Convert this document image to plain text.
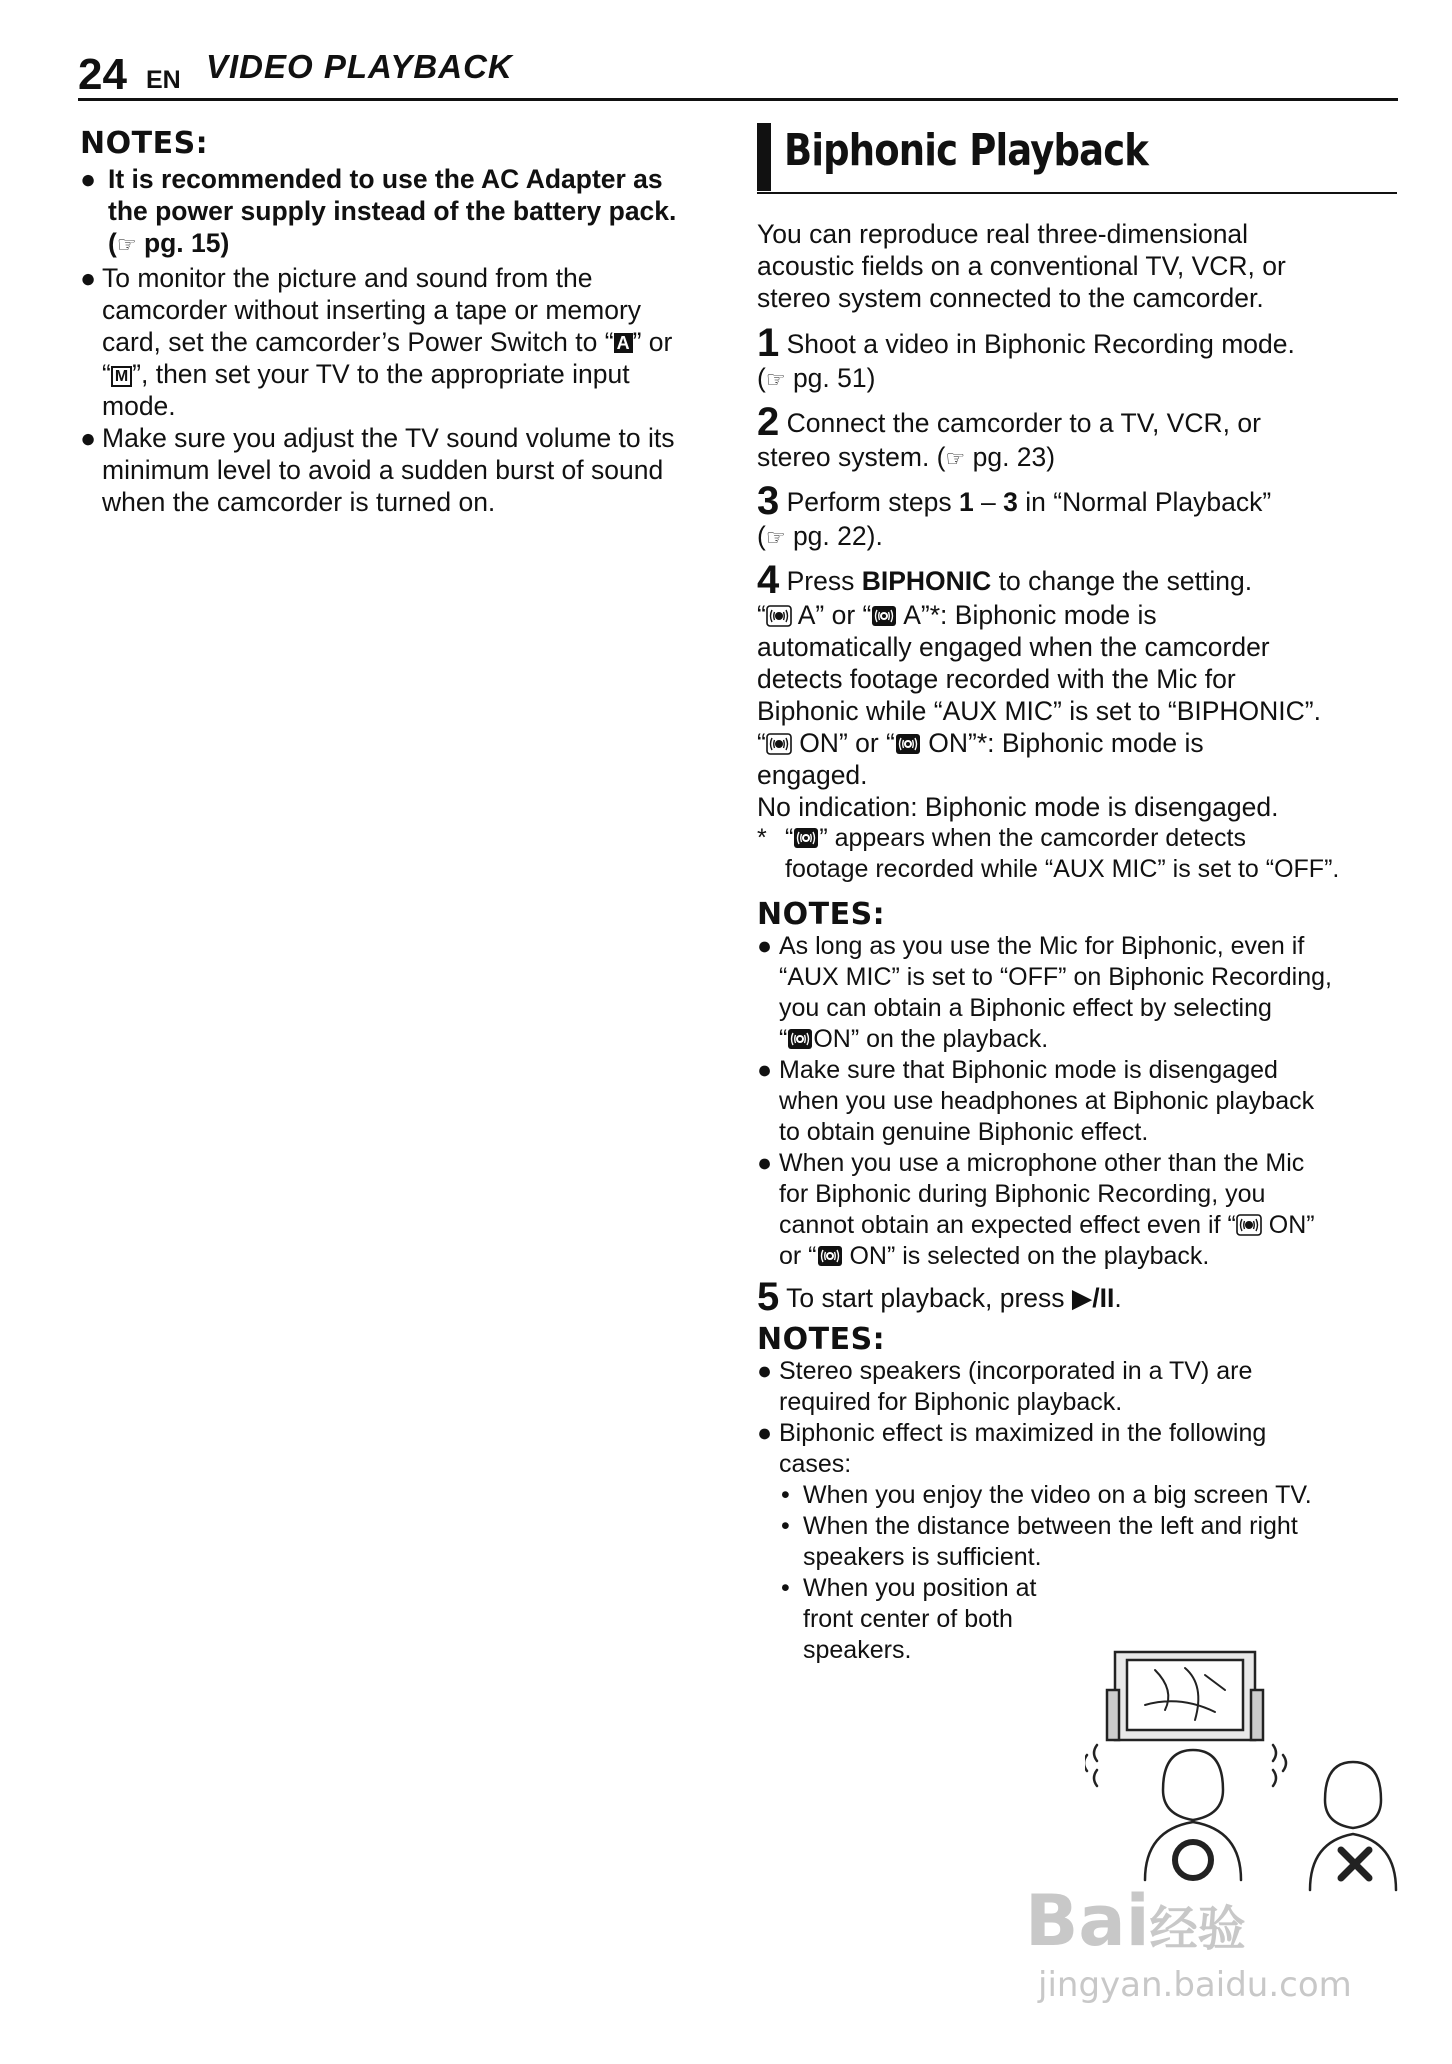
24 EN VIDEO PLAYBACK
NOTES:
● It is recommended to use the AC Adapter as
the power supply instead of the battery pack.
(☞ pg. 15)
● To monitor the picture and sound from the
camcorder without inserting a tape or memory
card, set the camcorder’s Power Switch to “ A ” or
“ M ”, then set your TV to the appropriate input
mode.
● Make sure you adjust the TV sound volume to its
minimum level to avoid a sudden burst of sound
when the camcorder is turned on.
Biphonic Playback
You can reproduce real three-dimensional
acoustic fields on a conventional TV, VCR, or
stereo system connected to the camcorder.
1 Shoot a video in Biphonic Recording mode.
(☞ pg. 51)
2 Connect the camcorder to a TV, VCR, or
stereo system. (☞ pg. 23)
3 Perform steps 1 – 3 in “Normal Playback”
(☞ pg. 22).
4 Press BIPHONIC to change the setting.
“ A” or “ A”*: Biphonic mode is
automatically engaged when the camcorder
detects footage recorded with the Mic for
Biphonic while “AUX MIC” is set to “BIPHONIC”.
“ ON” or “ ON”*: Biphonic mode is
engaged.
No indication: Biphonic mode is disengaged.
* “ ” appears when the camcorder detects
footage recorded while “AUX MIC” is set to “OFF”.
NOTES:
● As long as you use the Mic for Biphonic, even if
“AUX MIC” is set to “OFF” on Biphonic Recording,
you can obtain a Biphonic effect by selecting
“ ON” on the playback.
● Make sure that Biphonic mode is disengaged
when you use headphones at Biphonic playback
to obtain genuine Biphonic effect.
● When you use a microphone other than the Mic
for Biphonic during Biphonic Recording, you
cannot obtain an expected effect even if “ ON”
or “ ON” is selected on the playback.
5 To start playback, press ▶/II.
NOTES:
● Stereo speakers (incorporated in a TV) are
required for Biphonic playback.
● Biphonic effect is maximized in the following
cases:
• When you enjoy the video on a big screen TV.
• When the distance between the left and right
speakers is sufficient.
• When you position at
front center of both
speakers.
Bai经验
jingyan.baidu.com
